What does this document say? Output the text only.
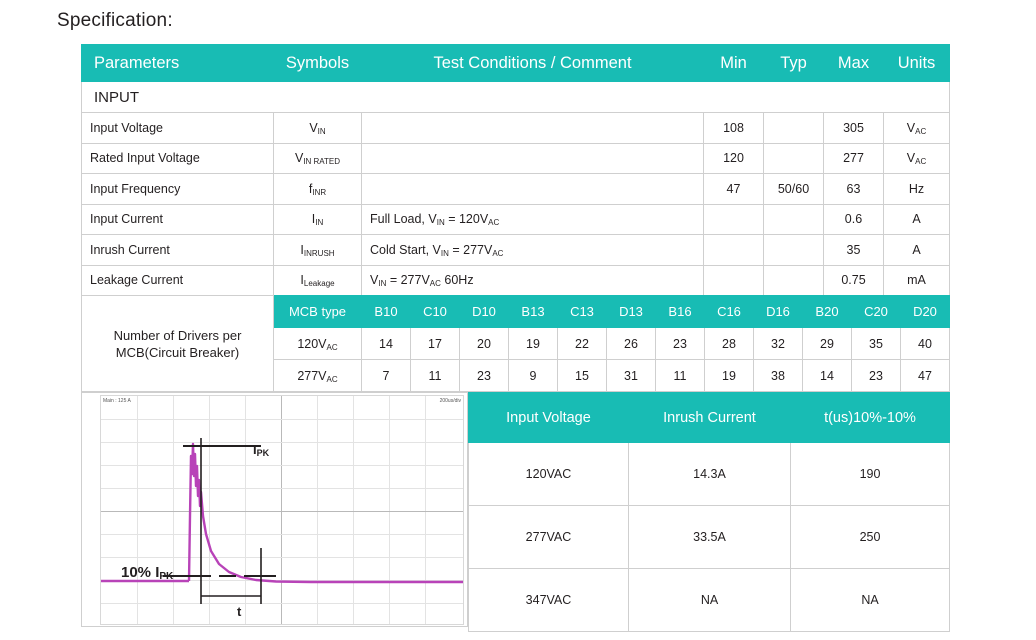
Specification:
Parameters	Symbols	Test Conditions / Comment	Min	Typ	Max	Units
INPUT						
Input Voltage	$V_{IN}$		108		305	$V_{AC}$
Rated Input Voltage	$V_{IN RATED}$		120		277	$V_{AC}$
Input Frequency	$f_{INR}$		47	50/60	63	Hz
Input Current	$I_{IN}$	Full Load, $V_{IN} = 120V_{AC}$			0.6	A
Inrush Current	$I_{INRUSH}$	Cold Start, $V_{IN} = 277V_{AC}$			35	A
Leakage Current	$I_{Leakage}$	$V_{IN} = 277V_{AC}$ 60Hz			0.75	mA
Number of Drivers per
MCB(Circuit Breaker)	MCB type	B10	C10	D10	B13	C13	D13	B16	C16	D16	B20	C20	D20
	$120V_{AC}$	14	17	20	19	22	26	23	28	32	29	35	40
	$277V_{AC}$	7	11	23	9	15	31	11	19	38	14	23	47
Main : 125 A	200us/div
$I_{PK}$
10% $I_{PK}$
t
Input Voltage	Inrush Current	t(us)10%-10%
120VAC	14.3A	190
277VAC	33.5A	250
347VAC	NA	NA
